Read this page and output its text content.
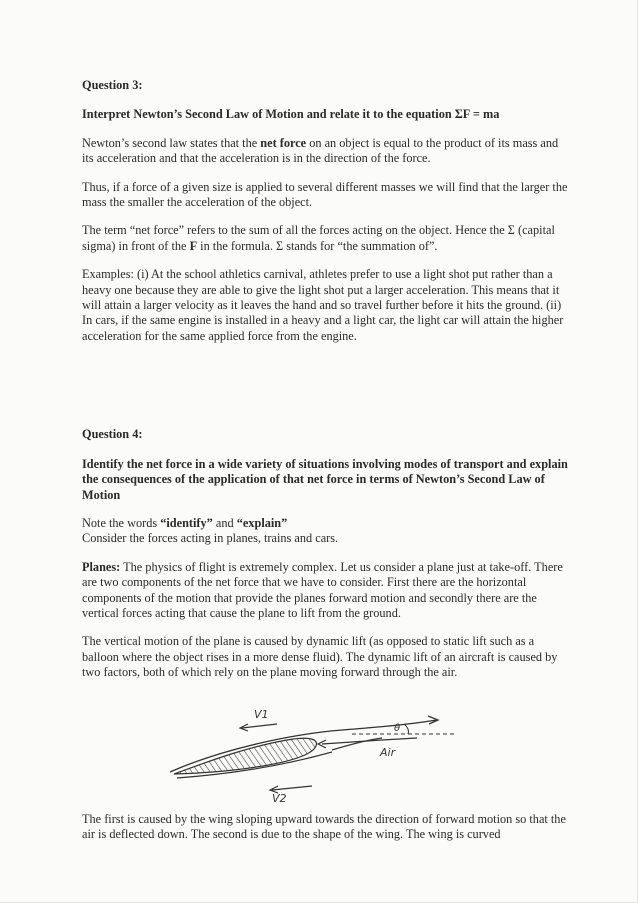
Question 3:
Interpret Newton’s Second Law of Motion and relate it to the equation ΣF = ma

Newton’s second law states that the net force on an object is equal to the product of its mass and its acceleration and that the acceleration is in the direction of the force.

Thus, if a force of a given size is applied to several different masses we will find that the larger the mass the smaller the acceleration of the object.

The term “net force” refers to the sum of all the forces acting on the object. Hence the Σ (capital sigma) in front of the F in the formula. Σ stands for “the summation of”.

Examples: (i) At the school athletics carnival, athletes prefer to use a light shot put rather than a heavy one because they are able to give the light shot put a larger acceleration. This means that it will attain a larger velocity as it leaves the hand and so travel further before it hits the ground. (ii) In cars, if the same engine is installed in a heavy and a light car, the light car will attain the higher acceleration for the same applied force from the engine.

Question 4:
Identify the net force in a wide variety of situations involving modes of transport and explain the consequences of the application of that net force in terms of Newton’s Second Law of Motion

Note the words “identify” and “explain”
Consider the forces acting in planes, trains and cars.

Planes: The physics of flight is extremely complex. Let us consider a plane just at take-off. There are two components of the net force that we have to consider. First there are the horizontal components of the motion that provide the planes forward motion and secondly there are the vertical forces acting that cause the plane to lift from the ground.

The vertical motion of the plane is caused by dynamic lift (as opposed to static lift such as a balloon where the object rises in a more dense fluid). The dynamic lift of an aircraft is caused by two factors, both of which rely on the plane moving forward through the air.

V1
Air
θ
V2

The first is caused by the wing sloping upward towards the direction of forward motion so that the air is deflected down. The second is due to the shape of the wing. The wing is curved
